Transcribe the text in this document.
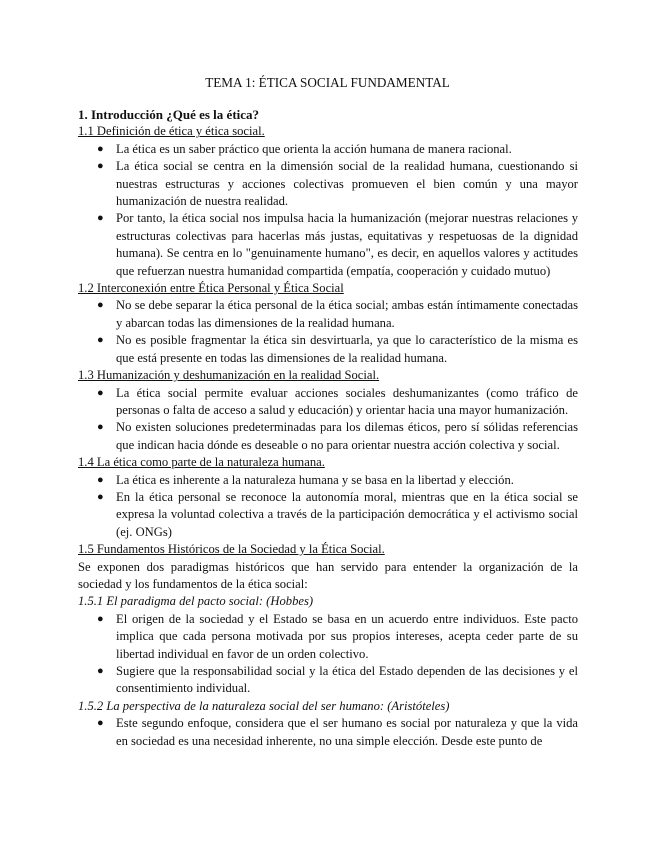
TEMA 1: ÉTICA SOCIAL FUNDAMENTAL

1. Introducción ¿Qué es la ética?

1.1 Definición de ética y ética social.

● La ética es un saber práctico que orienta la acción humana de manera racional.
● La ética social se centra en la dimensión social de la realidad humana, cuestionando si nuestras estructuras y acciones colectivas promueven el bien común y una mayor humanización de nuestra realidad.
● Por tanto, la ética social nos impulsa hacia la humanización (mejorar nuestras relaciones y estructuras colectivas para hacerlas más justas, equitativas y respetuosas de la dignidad humana). Se centra en lo "genuinamente humano", es decir, en aquellos valores y actitudes que refuerzan nuestra humanidad compartida (empatía, cooperación y cuidado mutuo)

1.2 Interconexión entre Ética Personal y Ética Social

● No se debe separar la ética personal de la ética social; ambas están íntimamente conectadas y abarcan todas las dimensiones de la realidad humana.
● No es posible fragmentar la ética sin desvirtuarla, ya que lo característico de la misma es que está presente en todas las dimensiones de la realidad humana.

1.3 Humanización y deshumanización en la realidad Social.

● La ética social permite evaluar acciones sociales deshumanizantes (como tráfico de personas o falta de acceso a salud y educación) y orientar hacia una mayor humanización.
● No existen soluciones predeterminadas para los dilemas éticos, pero sí sólidas referencias que indican hacia dónde es deseable o no para orientar nuestra acción colectiva y social.

1.4 La ética como parte de la naturaleza humana.

● La ética es inherente a la naturaleza humana y se basa en la libertad y elección.
● En la ética personal se reconoce la autonomía moral, mientras que en la ética social se expresa la voluntad colectiva a través de la participación democrática y el activismo social (ej. ONGs)

1.5 Fundamentos Históricos de la Sociedad y la Ética Social.

Se exponen dos paradigmas históricos que han servido para entender la organización de la sociedad y los fundamentos de la ética social:

1.5.1 El paradigma del pacto social: (Hobbes)

● El origen de la sociedad y el Estado se basa en un acuerdo entre individuos. Este pacto implica que cada persona motivada por sus propios intereses, acepta ceder parte de su libertad individual en favor de un orden colectivo.
● Sugiere que la responsabilidad social y la ética del Estado dependen de las decisiones y el consentimiento individual.

1.5.2 La perspectiva de la naturaleza social del ser humano: (Aristóteles)

● Este segundo enfoque, considera que el ser humano es social por naturaleza y que la vida en sociedad es una necesidad inherente, no una simple elección. Desde este punto de
